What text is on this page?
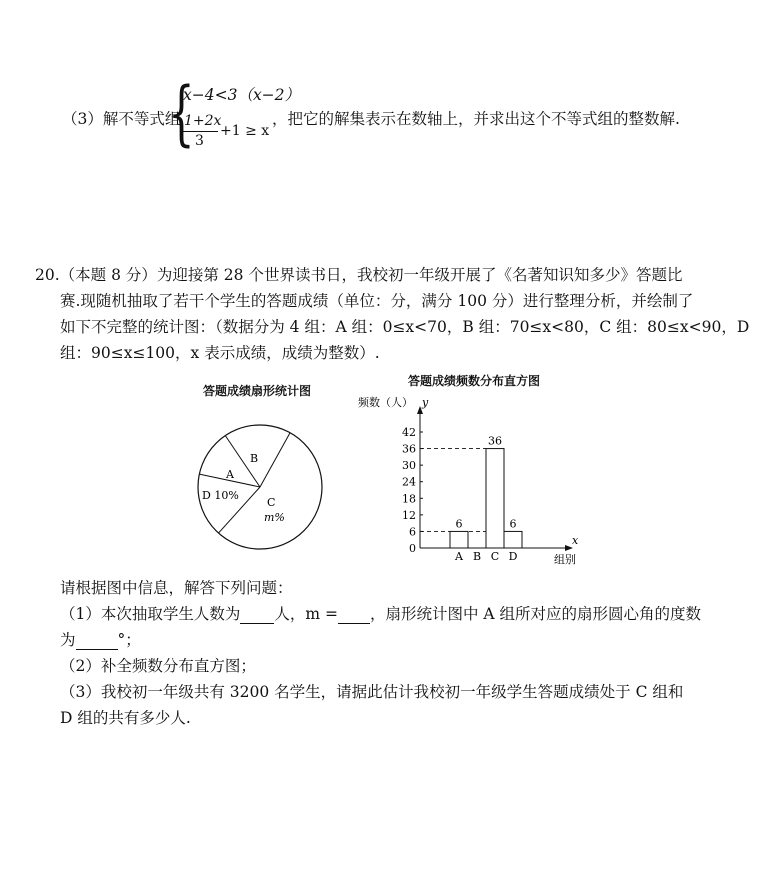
（3）解不等式组
{
x−4<3（x−2）
1+2x
3
+1 ≥ x
，把它的解集表示在数轴上，并求出这个不等式组的整数解.
20.（本题 8 分）为迎接第 28 个世界读书日，我校初一年级开展了《名著知识知多少》答题比
赛.现随机抽取了若干个学生的答题成绩（单位：分，满分 100 分）进行整理分析，并绘制了
如下不完整的统计图：（数据分为 4 组：A 组：0≤x<70，B 组：70≤x<80，C 组：80≤x<90，D
组：90≤x≤100，x 表示成绩，成绩为整数）.
答题成绩扇形统计图
答题成绩频数分布直方图
A
B
D 10%
C
m%
频数（人） y
x
组别
0
6
12
18
24
30
36
42
6
A B
36
C
6
D
请根据图中信息，解答下列问题：
（1）本次抽取学生人数为 人，m = ，扇形统计图中 A 组所对应的扇形圆心角的度数
为	°；
（2）补全频数分布直方图；
（3）我校初一年级共有 3200 名学生，请据此估计我校初一年级学生答题成绩处于 C 组和
D 组的共有多少人.
